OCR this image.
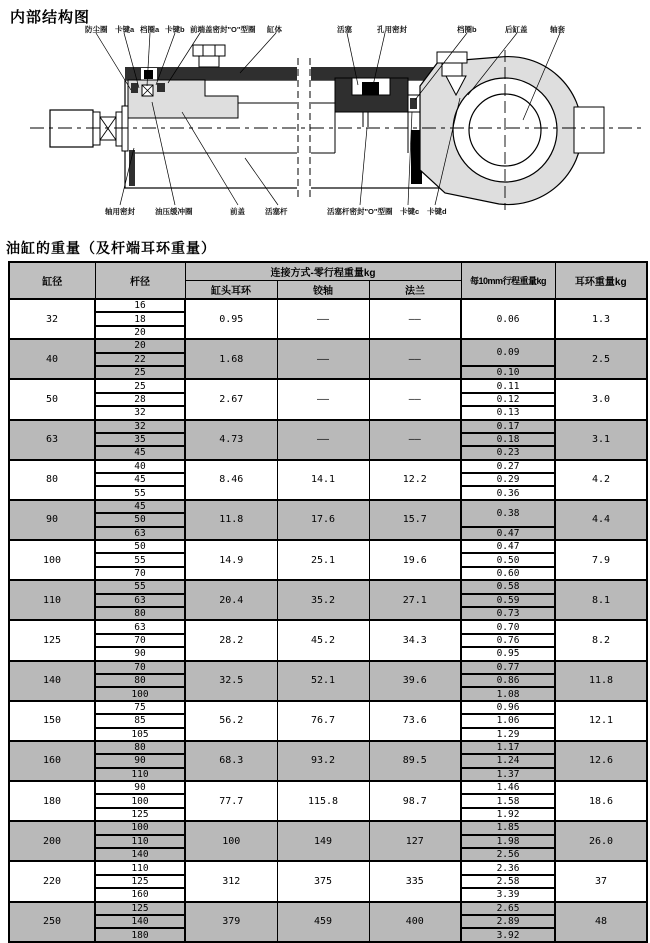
内部结构图
防尘圈 卡键a 档圈a 卡键b 前端盖密封"O"型圈 缸体	活塞	孔用密封	档圈b	后缸盖	轴套
轴用密封	油压缓冲圈	前盖	活塞杆	活塞杆密封"O"型圈 卡键c 卡键d
油缸的重量（及杆端耳环重量）
缸径	杆径	连接方式-零行程重量kg			每10mm行程重量kg	耳环重量kg
		缸头耳环	铰轴	法兰		
32	16	0.95	——	——	0.06	1.3
	18					
	20					
40	20	1.68	——	——	0.09	2.5
	22					
	25				0.10	
50	25	2.67	——	——	0.11	3.0
	28				0.12	
	32				0.13	
63	32	4.73	——	——	0.17	3.1
	35				0.18	
	45				0.23	
80	40	8.46	14.1	12.2	0.27	4.2
	45				0.29	
	55				0.36	
90	45	11.8	17.6	15.7	0.38	4.4
	50					
	63				0.47	
100	50	14.9	25.1	19.6	0.47	7.9
	55				0.50	
	70				0.60	
110	55	20.4	35.2	27.1	0.58	8.1
	63				0.59	
	80				0.73	
125	63	28.2	45.2	34.3	0.70	8.2
	70				0.76	
	90				0.95	
140	70	32.5	52.1	39.6	0.77	11.8
	80				0.86	
	100				1.08	
150	75	56.2	76.7	73.6	0.96	12.1
	85				1.06	
	105				1.29	
160	80	68.3	93.2	89.5	1.17	12.6
	90				1.24	
	110				1.37	
180	90	77.7	115.8	98.7	1.46	18.6
	100				1.58	
	125				1.92	
200	100	100	149	127	1.85	26.0
	110				1.98	
	140				2.56	
220	110	312	375	335	2.36	37
	125				2.58	
	160				3.39	
250	125	379	459	400	2.65	48
	140				2.89	
	180				3.92	
